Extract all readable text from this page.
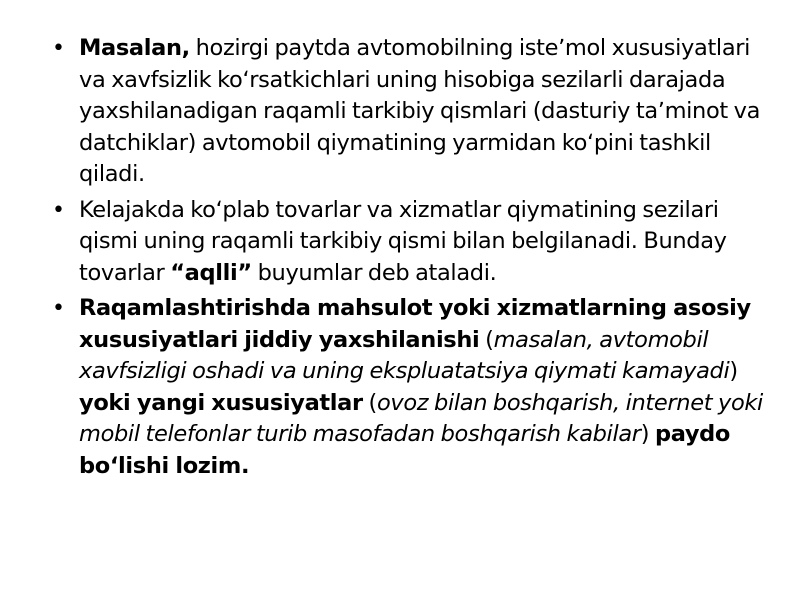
• Masalan, hozirgi paytda avtomobilning isteʼmol xususiyatlari va xavfsizlik koʻrsatkichlari uning hisobiga sezilarli darajada yaxshilanadigan raqamli tarkibiy qismlari (dasturiy taʼminot va datchiklar) avtomobil qiymatining yarmidan koʻpini tashkil qiladi.
• Kelajakda koʻplab tovarlar va xizmatlar qiymatining sezilari qismi uning raqamli tarkibiy qismi bilan belgilanadi. Bunday tovarlar “aqlli” buyumlar deb ataladi.
• Raqamlashtirishda mahsulot yoki xizmatlarning asosiy xususiyatlari jiddiy yaxshilanishi (masalan, avtomobil xavfsizligi oshadi va uning ekspluatatsiya qiymati kamayadi) yoki yangi xususiyatlar (ovoz bilan boshqarish, internet yoki mobil telefonlar turib masofadan boshqarish kabilar) paydo boʻlishi lozim.
